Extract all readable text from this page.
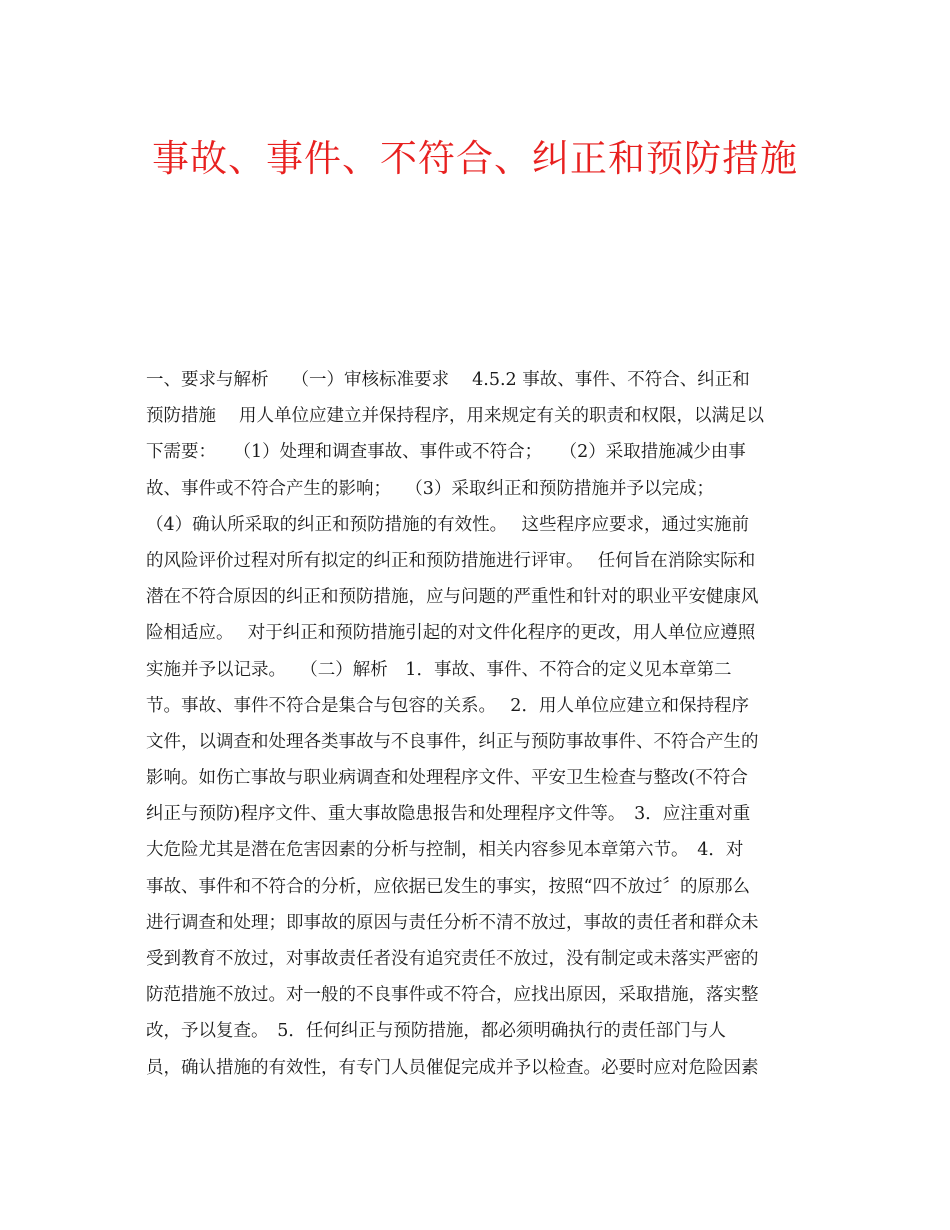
事故、事件、不符合、纠正和预防措施
一、要求与解析　 （一）审核标准要求　 4.5.2 事故、事件、不符合、纠正和
预防措施　 用人单位应建立并保持程序，用来规定有关的职责和权限，以满足以
下需要：　　（1）处理和调查事故、事件或不符合；　　（2）采取措施减少由事
故、事件或不符合产生的影响；　 （3）采取纠正和预防措施并予以完成；
（4）确认所采取的纠正和预防措施的有效性。　 这些程序应要求，通过实施前
的风险评价过程对所有拟定的纠正和预防措施进行评审。　 任何旨在消除实际和
潜在不符合原因的纠正和预防措施，应与问题的严重性和针对的职业平安健康风
险相适应。　 对于纠正和预防措施引起的对文件化程序的更改，用人单位应遵照
实施并予以记录。　 （二）解析　1．事故、事件、不符合的定义见本章第二
节。事故、事件不符合是集合与包容的关系。　 2．用人单位应建立和保持程序
文件，以调查和处理各类事故与不良事件，纠正与预防事故事件、不符合产生的
影响。如伤亡事故与职业病调查和处理程序文件、平安卫生检查与整改(不符合
纠正与预防)程序文件、重大事故隐患报告和处理程序文件等。　3．应注重对重
大危险尤其是潜在危害因素的分析与控制，相关内容参见本章第六节。　4．对
事故、事件和不符合的分析，应依据已发生的事实，按照“四不放过〞的原那么
进行调查和处理；即事故的原因与责任分析不清不放过，事故的责任者和群众未
受到教育不放过，对事故责任者没有追究责任不放过，没有制定或未落实严密的
防范措施不放过。对一般的不良事件或不符合，应找出原因，采取措施，落实整
改，予以复查。　5．任何纠正与预防措施，都必须明确执行的责任部门与人
员，确认措施的有效性，有专门人员催促完成并予以检查。必要时应对危险因素
